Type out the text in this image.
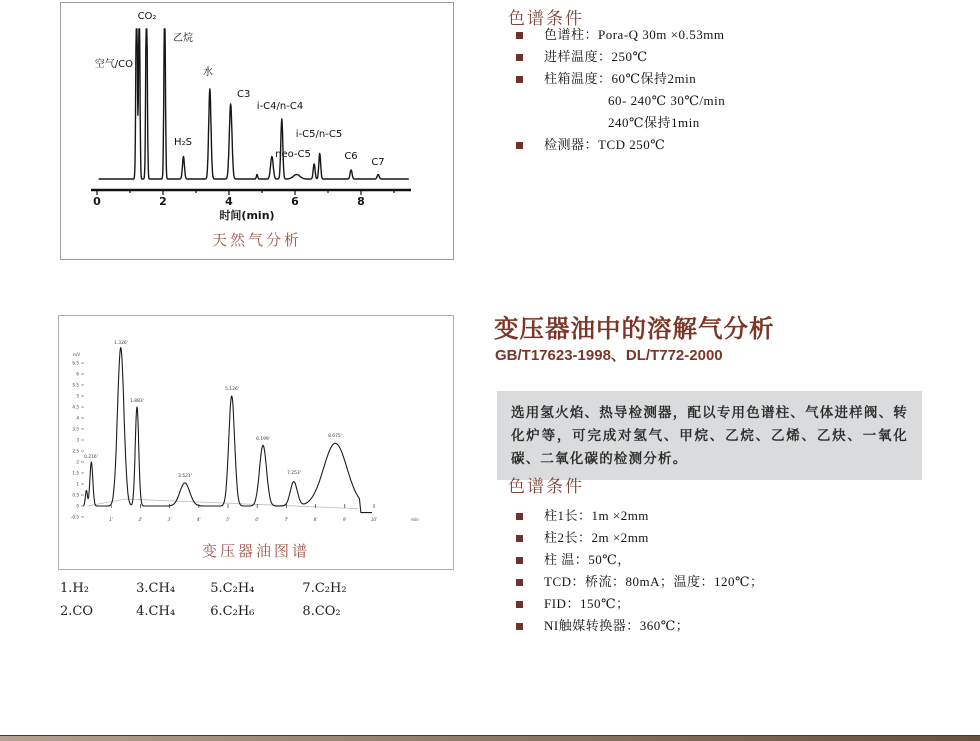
0	2	4	6	8
时间(min)
空气/CO
CO₂
乙烷
H₂S
水
C3
i-C4/n-C4
neo-C5
i-C5/n-C5
C6
C7
天然气分析
色谱条件
色谱柱：Pora-Q 30m ×0.53mm
进样温度：250℃
柱箱温度：60℃保持2min
60- 240℃ 30℃/min
240℃保持1min
检测器：TCD 250℃
1'	2'	3'	4'	5'	6'	7'	8'	9'	10'	min
6.5
6
5.5
5
4.5
4
3.5
3
2.5
2
1.5
1
0.5
0
-0.5
mV
0.216'
1.326'
1.883'
3.521'
5.126'
6.199'
7.253'
8.675'
变压器油图谱
1.H₂	3.CH₄	5.C₂H₄	7.C₂H₂
2.CO	4.CH₄	6.C₂H₆	8.CO₂
变压器油中的溶解气分析
GB/T17623-1998、DL/T772-2000

选用氢火焰、热导检测器，配以专用色谱柱、气体进样阀、转化炉等，可完成对氢气、甲烷、乙烷、乙烯、乙炔、一氧化碳、二氧化碳的检测分析。

色谱条件
柱1长：1m ×2mm
柱2长：2m ×2mm
柱 温：50℃，
TCD：桥流：80mA；温度：120℃；
FID：150℃；
NI触媒转换器：360℃；
